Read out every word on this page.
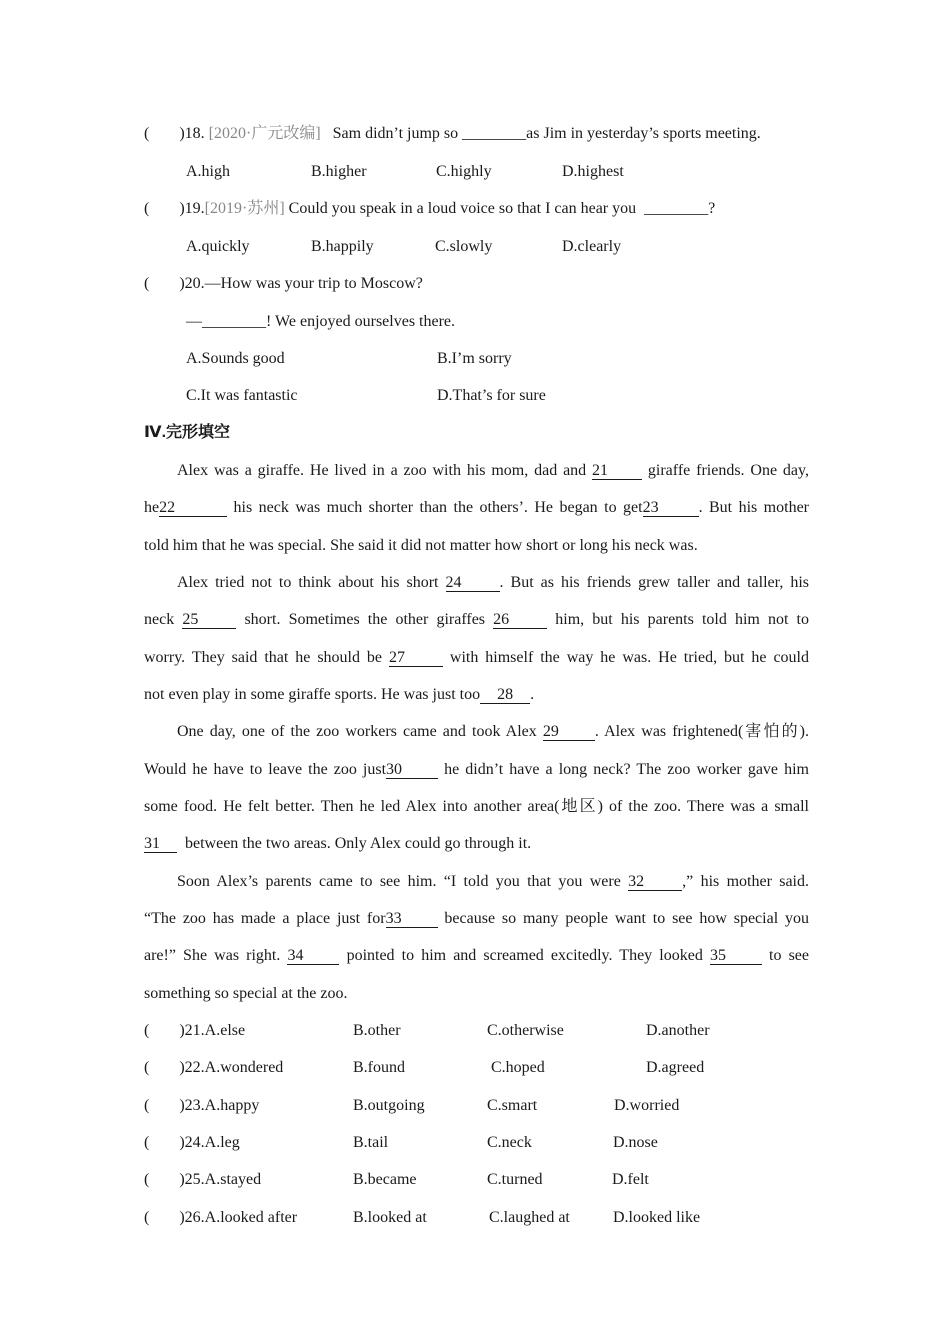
( )18. [2020·广元改编] Sam didn’t jump so ________as Jim in yesterday’s sports meeting.
A.high	B.higher	C.highly	D.highest
( )19.[2019·苏州] Could you speak in a loud voice so that I can hear you  ________?
A.quickly	B.happily	C.slowly	D.clearly
( )20.—How was your trip to Moscow?
—________! We enjoyed ourselves there.
A.Sounds good	B.I’m sorry
C.It was fantastic	D.That’s for sure
Ⅳ.完形填空
Alex was a giraffe. He lived in a zoo with his mom, dad and 21 giraffe friends. One day,
he22	his neck was much shorter than the others’. He began to get23	. But his mother
told him that he was special. She said it did not matter how short or long his neck was.
Alex tried not to think about his short 24 . But as his friends grew taller and taller, his
neck 25 short. Sometimes the other giraffes 26 him, but his parents told him not to
worry. They said that he should be 27 with himself the way he was. He tried, but he could
not even play in some giraffe sports. He was just too 28 .
One day, one of the zoo workers came and took Alex 29 . Alex was frightened(害怕的).
Would he have to leave the zoo just30 he didn’t have a long neck? The zoo worker gave him
some food. He felt better. Then he led Alex into another area(地区) of the zoo. There was a small
31  between the two areas. Only Alex could go through it.
Soon Alex’s parents came to see him. “I told you that you were 32 ,” his mother said.
“The zoo has made a place just for33 because so many people want to see how special you
are!” She was right. 34 pointed to him and screamed excitedly. They looked 35 to see
something so special at the zoo.
( )21.A.else	B.other	C.otherwise	D.another
( )22.A.wondered	B.found	C.hoped	D.agreed
( )23.A.happy	B.outgoing	C.smart	D.worried
( )24.A.leg	B.tail	C.neck	D.nose
( )25.A.stayed	B.became	C.turned	D.felt
( )26.A.looked after	B.looked at	C.laughed at	D.looked like
